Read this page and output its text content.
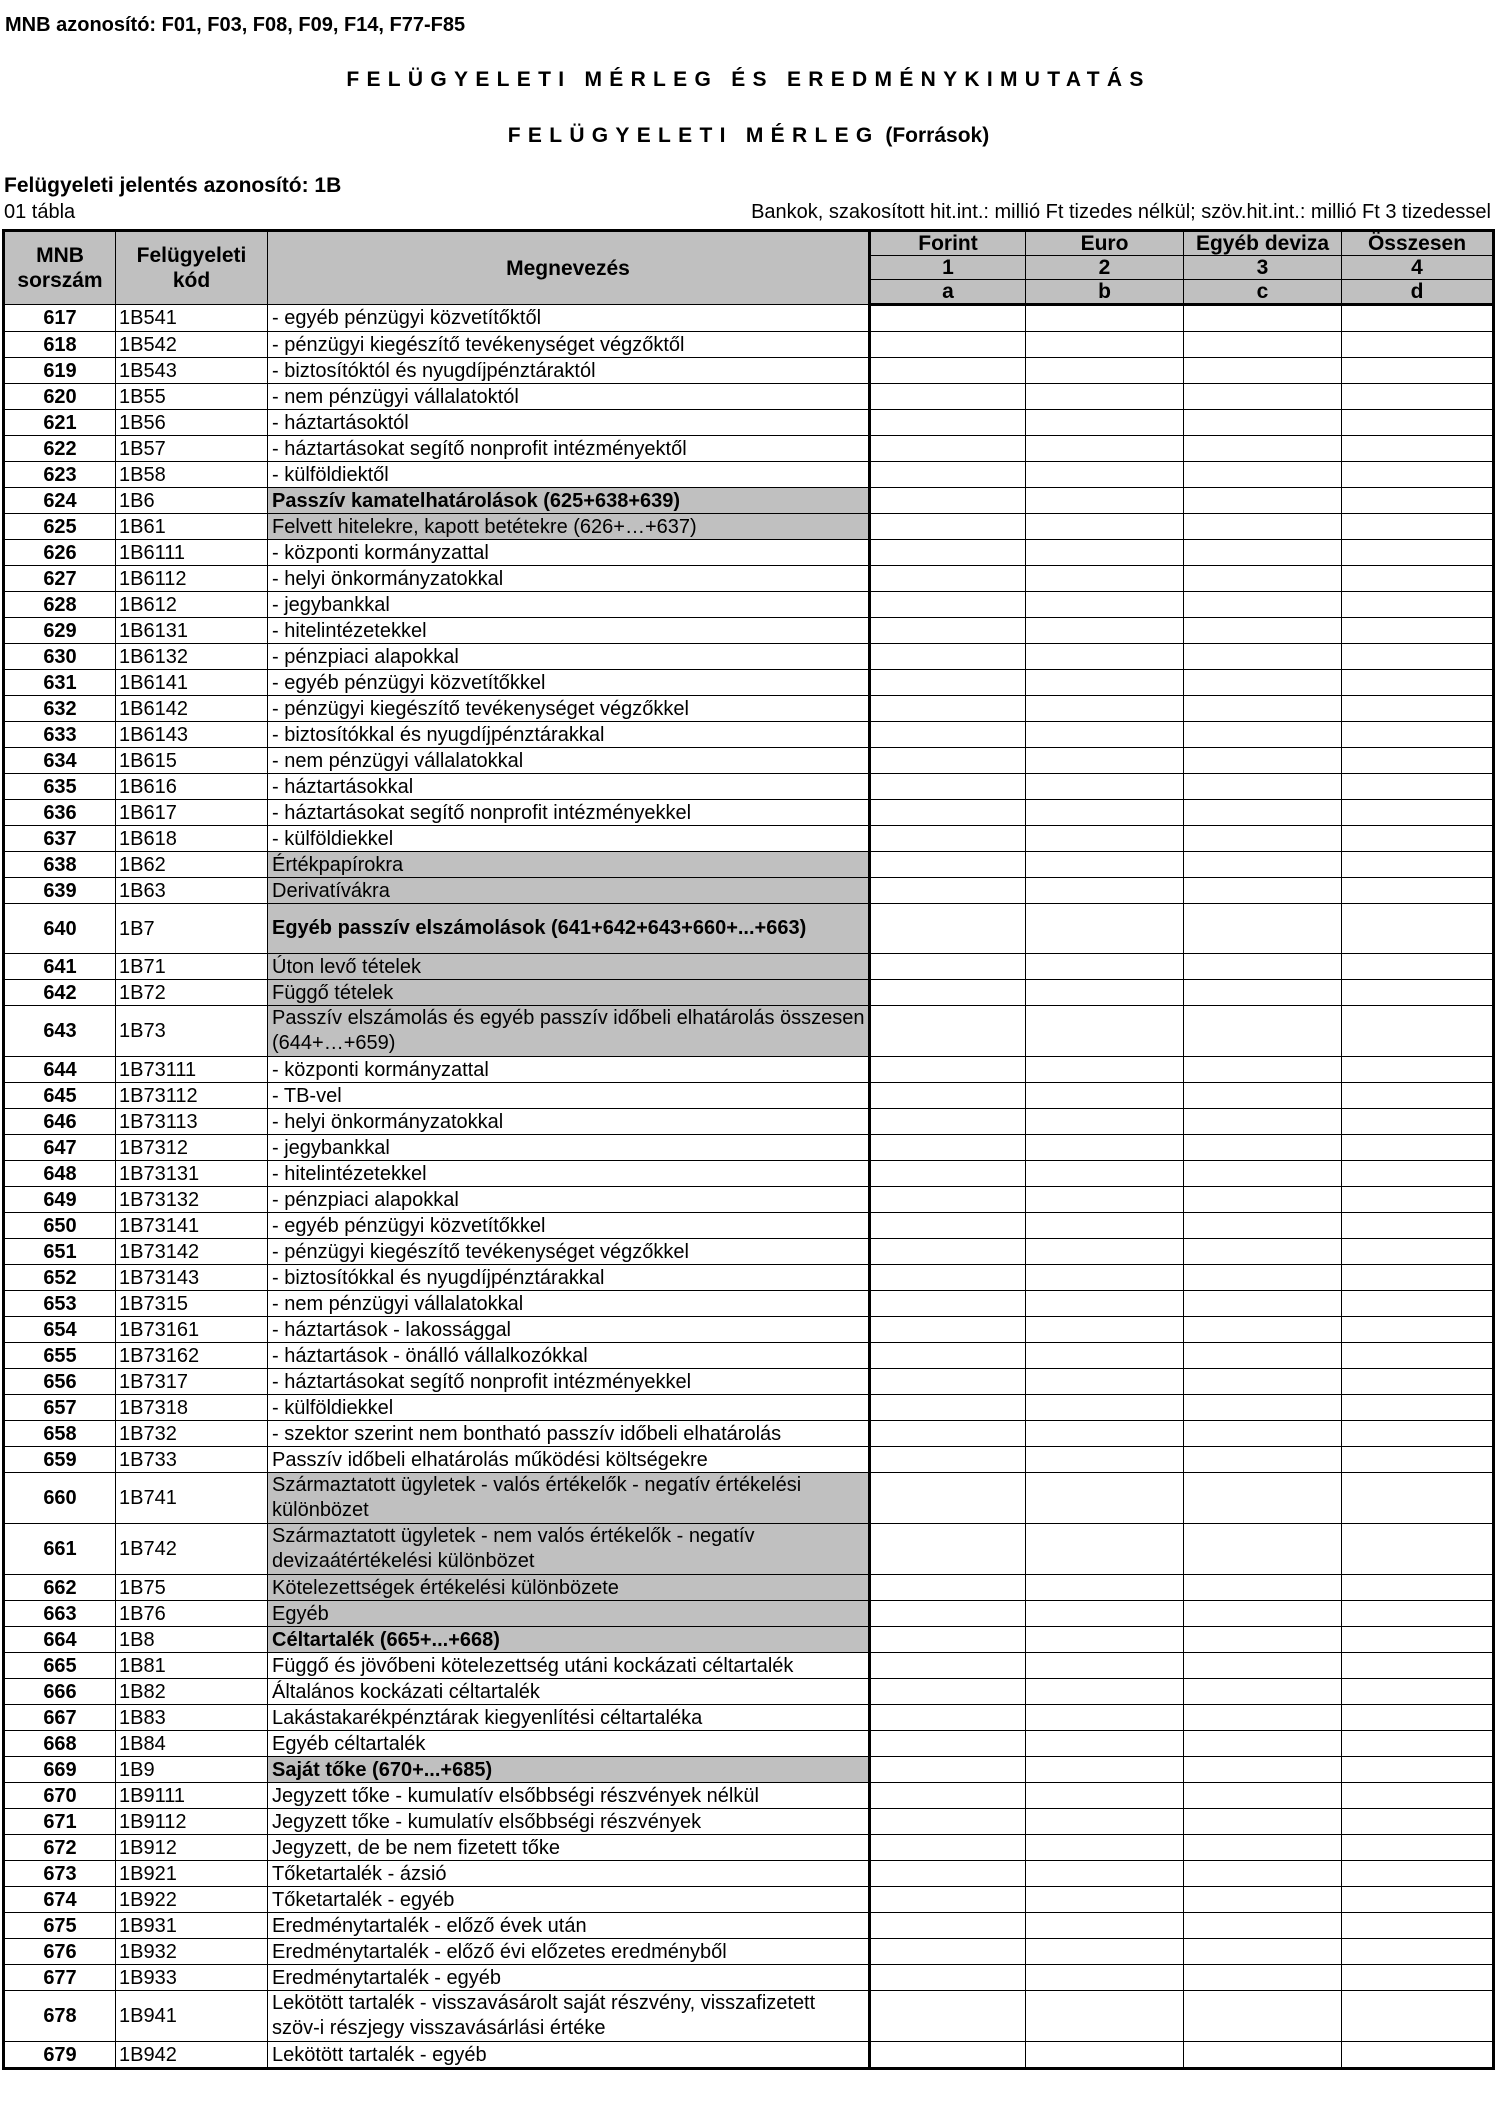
MNB azonosító: F01, F03, F08, F09, F14, F77-F85
FELÜGYELETI MÉRLEG ÉS EREDMÉNYKIMUTATÁS
FELÜGYELETI MÉRLEG (Források)
Felügyeleti jelentés azonosító: 1B
01 tábla	Bankok, szakosított hit.int.: millió Ft tizedes nélkül; szöv.hit.int.: millió Ft 3 tizedessel
MNB sorszám	Felügyeleti kód	Megnevezés	Forint	Euro	Egyéb deviza	Összesen
			1	2	3	4
			a	b	c	d
617	1B541	- egyéb pénzügyi közvetítőktől				
618	1B542	- pénzügyi kiegészítő tevékenységet végzőktől				
619	1B543	- biztosítóktól és nyugdíjpénztáraktól				
620	1B55	- nem pénzügyi vállalatoktól				
621	1B56	- háztartásoktól				
622	1B57	- háztartásokat segítő nonprofit intézményektől				
623	1B58	- külföldiektől				
624	1B6	Passzív kamatelhatárolások (625+638+639)				
625	1B61	Felvett hitelekre, kapott betétekre (626+…+637)				
626	1B6111	- központi kormányzattal				
627	1B6112	- helyi önkormányzatokkal				
628	1B612	- jegybankkal				
629	1B6131	- hitelintézetekkel				
630	1B6132	- pénzpiaci alapokkal				
631	1B6141	- egyéb pénzügyi közvetítőkkel				
632	1B6142	- pénzügyi kiegészítő tevékenységet végzőkkel				
633	1B6143	- biztosítókkal és nyugdíjpénztárakkal				
634	1B615	- nem pénzügyi vállalatokkal				
635	1B616	- háztartásokkal				
636	1B617	- háztartásokat segítő nonprofit intézményekkel				
637	1B618	- külföldiekkel				
638	1B62	Értékpapírokra				
639	1B63	Derivatívákra				
640	1B7	Egyéb passzív elszámolások (641+642+643+660+...+663)				
641	1B71	Úton levő tételek				
642	1B72	Függő tételek				
643	1B73	Passzív elszámolás és egyéb passzív időbeli elhatárolás összesen (644+…+659)				
644	1B73111	- központi kormányzattal				
645	1B73112	- TB-vel				
646	1B73113	- helyi önkormányzatokkal				
647	1B7312	- jegybankkal				
648	1B73131	- hitelintézetekkel				
649	1B73132	- pénzpiaci alapokkal				
650	1B73141	- egyéb pénzügyi közvetítőkkel				
651	1B73142	- pénzügyi kiegészítő tevékenységet végzőkkel				
652	1B73143	- biztosítókkal és nyugdíjpénztárakkal				
653	1B7315	- nem pénzügyi vállalatokkal				
654	1B73161	- háztartások - lakossággal				
655	1B73162	- háztartások - önálló vállalkozókkal				
656	1B7317	- háztartásokat segítő nonprofit intézményekkel				
657	1B7318	- külföldiekkel				
658	1B732	- szektor szerint nem bontható passzív időbeli elhatárolás				
659	1B733	Passzív időbeli elhatárolás működési költségekre				
660	1B741	Származtatott ügyletek - valós értékelők - negatív értékelési különbözet				
661	1B742	Származtatott ügyletek - nem valós értékelők - negatív devizaátértékelési különbözet				
662	1B75	Kötelezettségek értékelési különbözete				
663	1B76	Egyéb				
664	1B8	Céltartalék (665+...+668)				
665	1B81	Függő és jövőbeni kötelezettség utáni kockázati céltartalék				
666	1B82	Általános kockázati céltartalék				
667	1B83	Lakástakarékpénztárak kiegyenlítési céltartaléka				
668	1B84	Egyéb céltartalék				
669	1B9	Saját tőke (670+...+685)				
670	1B9111	Jegyzett tőke - kumulatív elsőbbségi részvények nélkül				
671	1B9112	Jegyzett tőke - kumulatív elsőbbségi részvények				
672	1B912	Jegyzett, de be nem fizetett tőke				
673	1B921	Tőketartalék - ázsió				
674	1B922	Tőketartalék - egyéb				
675	1B931	Eredménytartalék - előző évek után				
676	1B932	Eredménytartalék - előző évi előzetes eredményből				
677	1B933	Eredménytartalék - egyéb				
678	1B941	Lekötött tartalék - visszavásárolt saját részvény, visszafizetett szöv-i részjegy visszavásárlási értéke				
679	1B942	Lekötött tartalék - egyéb				
